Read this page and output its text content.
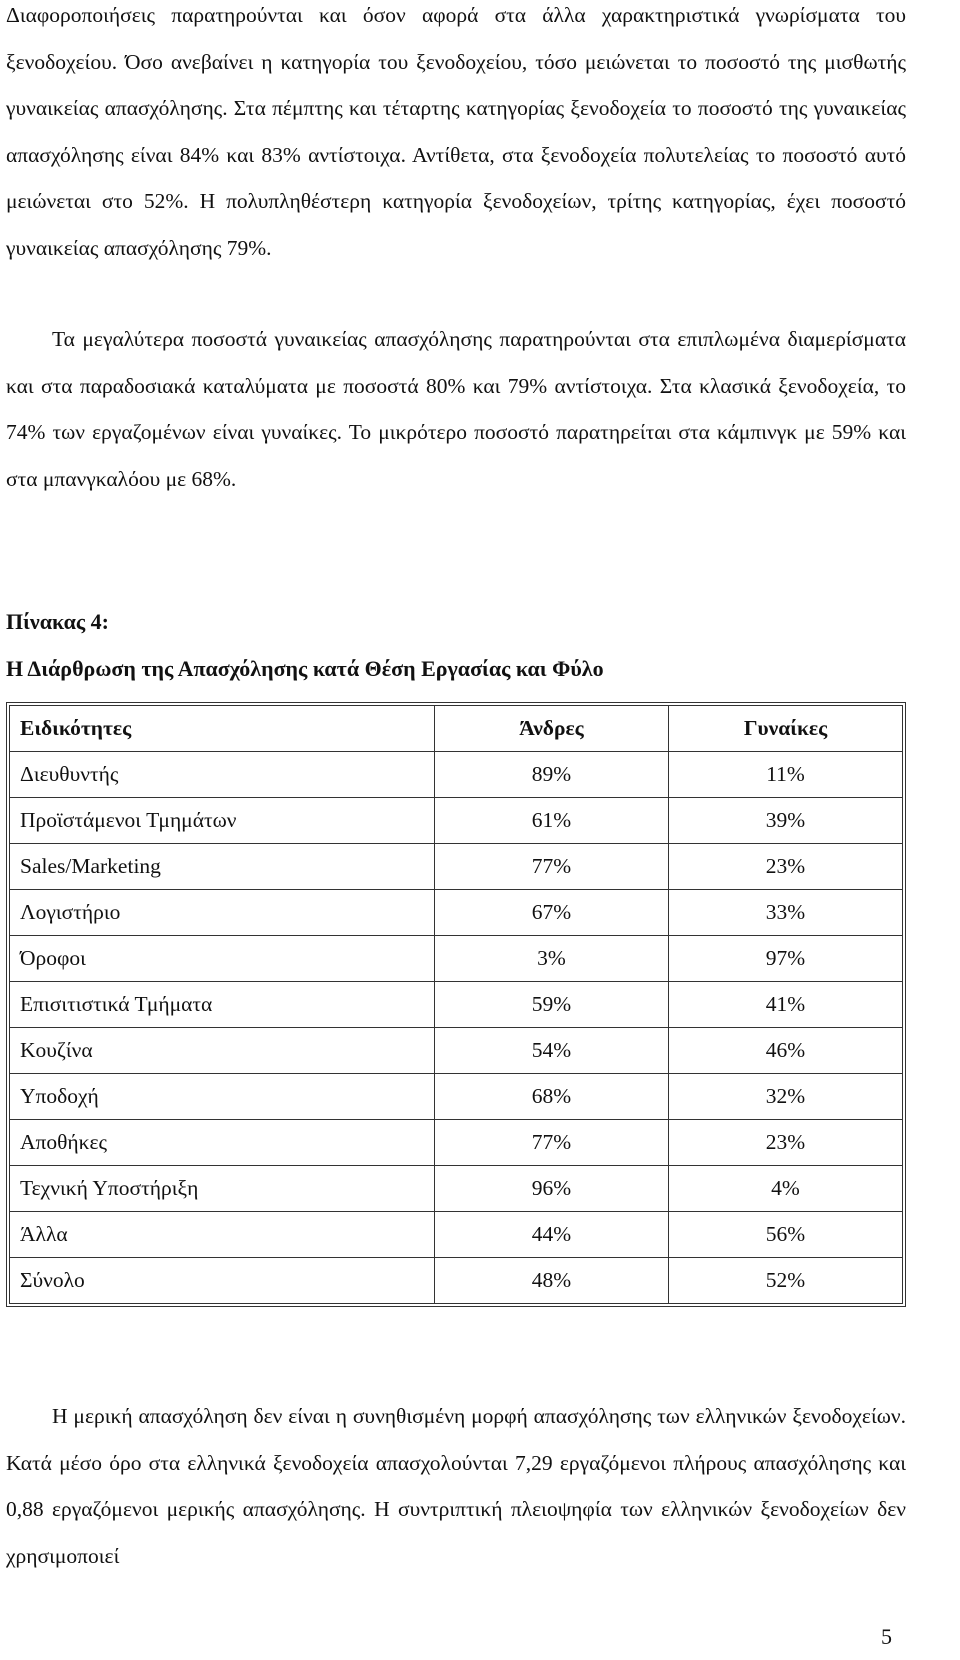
Διαφοροποιήσεις παρατηρούνται και όσον αφορά στα άλλα χαρακτηριστικά γνωρίσματα του ξενοδοχείου. Όσο ανεβαίνει η κατηγορία του ξενοδοχείου, τόσο μειώνεται το ποσοστό της μισθωτής γυναικείας απασχόλησης. Στα πέμπτης και τέταρτης κατηγορίας ξενοδοχεία το ποσοστό της γυναικείας απασχόλησης είναι 84% και 83% αντίστοιχα. Αντίθετα, στα ξενοδοχεία πολυτελείας το ποσοστό αυτό μειώνεται στο 52%. Η πολυπληθέστερη κατηγορία ξενοδοχείων, τρίτης κατηγορίας, έχει ποσοστό γυναικείας απασχόλησης 79%.

Τα μεγαλύτερα ποσοστά γυναικείας απασχόλησης παρατηρούνται στα επιπλωμένα διαμερίσματα και στα παραδοσιακά καταλύματα με ποσοστά 80% και 79% αντίστοιχα. Στα κλασικά ξενοδοχεία, το 74% των εργαζομένων είναι γυναίκες. Το μικρότερο ποσοστό παρατηρείται στα κάμπινγκ με 59% και στα μπανγκαλόου με 68%.

Πίνακας 4:

Η Διάρθρωση της Απασχόλησης κατά Θέση Εργασίας και Φύλο

Ειδικότητες	Άνδρες	Γυναίκες
Διευθυντής	89%	11%
Προϊστάμενοι Τμημάτων	61%	39%
Sales/Marketing	77%	23%
Λογιστήριο	67%	33%
Όροφοι	3%	97%
Επισιτιστικά Τμήματα	59%	41%
Κουζίνα	54%	46%
Υποδοχή	68%	32%
Αποθήκες	77%	23%
Τεχνική Υποστήριξη	96%	4%
Άλλα	44%	56%
Σύνολο	48%	52%

Η μερική απασχόληση δεν είναι η συνηθισμένη μορφή απασχόλησης των ελληνικών ξενοδοχείων. Κατά μέσο όρο στα ελληνικά ξενοδοχεία απασχολούνται 7,29 εργαζόμενοι πλήρους απασχόλησης και 0,88 εργαζόμενοι μερικής απασχόλησης. Η συντριπτική πλειοψηφία των ελληνικών ξενοδοχείων δεν χρησιμοποιεί

5
